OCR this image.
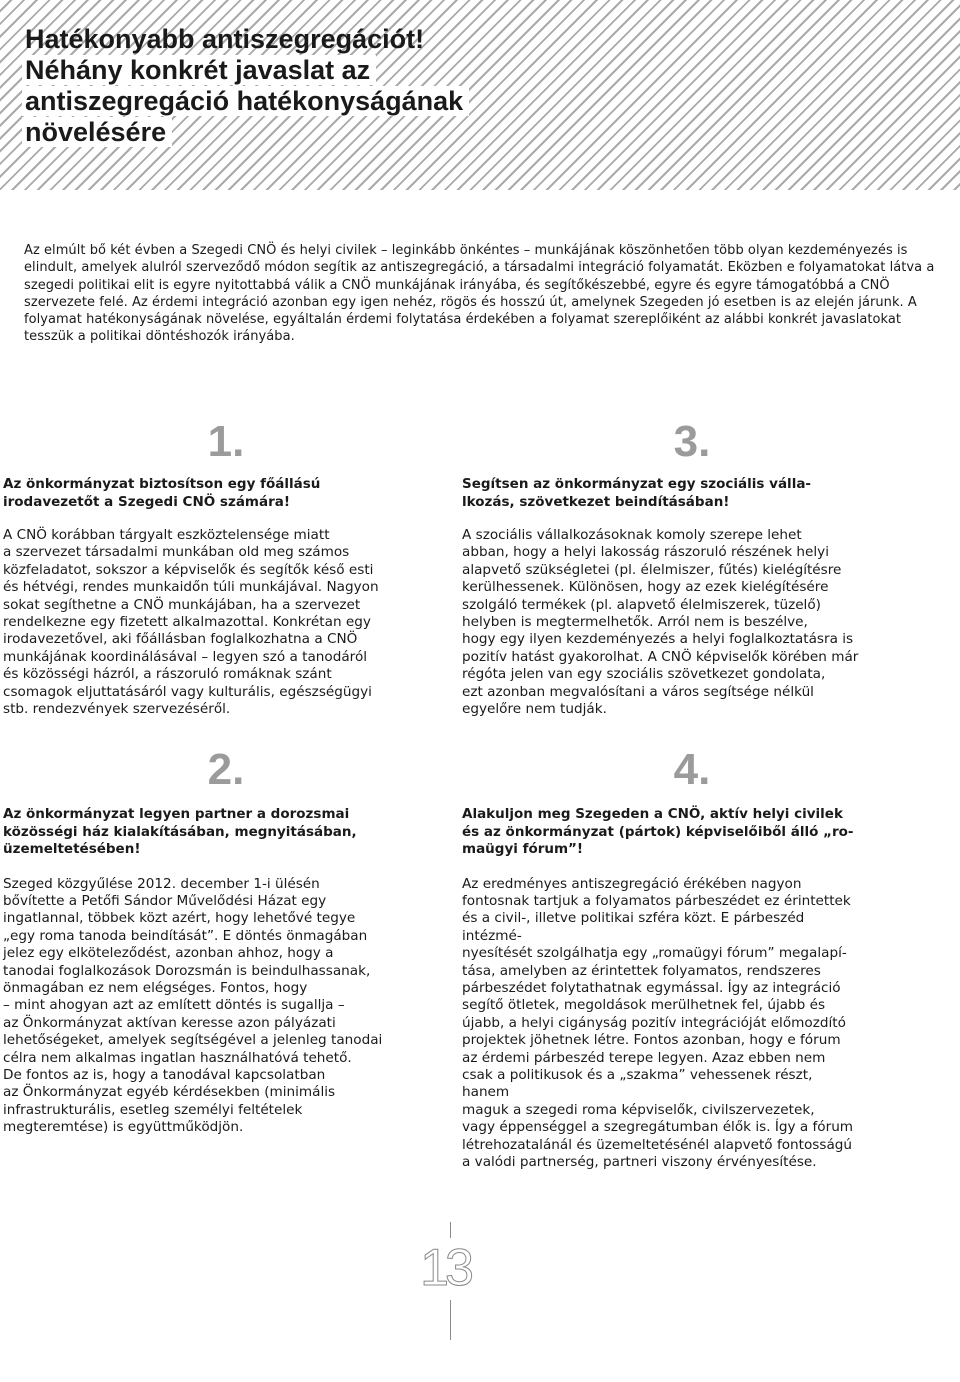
Hatékonyabb antiszegregációt!
Néhány konkrét javaslat az
antiszegregáció hatékonyságának
növelésére

Az elmúlt bő két évben a Szegedi CNÖ és helyi civilek – leginkább önkéntes – munkájának köszönhetően több olyan kezdeményezés is elindult, amelyek alulról szerveződő módon segítik az antiszegregáció, a társadalmi integráció folyamatát. Eközben e folyamatokat látva a szegedi politikai elit is egyre nyitottabbá válik a CNÖ munkájának irányába, és segítőkészebbé, egyre és egyre támogatóbbá a CNÖ szervezete felé. Az érdemi integráció azonban egy igen nehéz, rögös és hosszú út, amelynek Szegeden jó esetben is az elején járunk. A folyamat hatékonyságának növelése, egyáltalán érdemi folytatása érdekében a folyamat szereplőiként az alábbi konkrét javaslatokat tesszük a politikai döntéshozók irányába.

1.

Az önkormányzat biztosítson egy főállású
irodavezetőt a Szegedi CNÖ számára!

A CNÖ korábban tárgyalt eszköztelensége miatt
a szervezet társadalmi munkában old meg számos
közfeladatot, sokszor a képviselők és segítők késő esti
és hétvégi, rendes munkaidőn túli munkájával. Nagyon
sokat segíthetne a CNÖ munkájában, ha a szervezet
rendelkezne egy fizetett alkalmazottal. Konkrétan egy
irodavezetővel, aki főállásban foglalkozhatna a CNÖ
munkájának koordinálásával – legyen szó a tanodáról
és közösségi házról, a rászoruló romáknak szánt
csomagok eljuttatásáról vagy kulturális, egészségügyi
stb. rendezvények szervezéséről.

3.

Segítsen az önkormányzat egy szociális válla-
lkozás, szövetkezet beindításában!

A szociális vállalkozásoknak komoly szerepe lehet
abban, hogy a helyi lakosság rászoruló részének helyi
alapvető szükségletei (pl. élelmiszer, fűtés) kielégítésre
kerülhessenek. Különösen, hogy az ezek kielégítésére
szolgáló termékek (pl. alapvető élelmiszerek, tüzelő)
helyben is megtermelhetők. Arról nem is beszélve,
hogy egy ilyen kezdeményezés a helyi foglalkoztatásra is
pozitív hatást gyakorolhat. A CNÖ képviselők körében már
régóta jelen van egy szociális szövetkezet gondolata,
ezt azonban megvalósítani a város segítsége nélkül
egyelőre nem tudják.

2.

Az önkormányzat legyen partner a dorozsmai
közösségi ház kialakításában, megnyitásában,
üzemeltetésében!

Szeged közgyűlése 2012. december 1-i ülésén
bővítette a Petőfi Sándor Művelődési Házat egy
ingatlannal, többek közt azért, hogy lehetővé tegye
„egy roma tanoda beindítását”. E döntés önmagában
jelez egy elköteleződést, azonban ahhoz, hogy a
tanodai foglalkozások Dorozsmán is beindulhassanak,
önmagában ez nem elégséges. Fontos, hogy
– mint ahogyan azt az említett döntés is sugallja –
az Önkormányzat aktívan keresse azon pályázati
lehetőségeket, amelyek segítségével a jelenleg tanodai
célra nem alkalmas ingatlan használhatóvá tehető.
De fontos az is, hogy a tanodával kapcsolatban
az Önkormányzat egyéb kérdésekben (minimális
infrastrukturális, esetleg személyi feltételek
megteremtése) is együttműködjön.

4.

Alakuljon meg Szegeden a CNÖ, aktív helyi civilek
és az önkormányzat (pártok) képviselőiből álló „ro-
maügyi fórum”!

Az eredményes antiszegregáció érékében nagyon
fontosnak tartjuk a folyamatos párbeszédet ez érintettek
és a civil-, illetve politikai szféra közt. E párbeszéd intézmé-
nyesítését szolgálhatja egy „romaügyi fórum” megalapí-
tása, amelyben az érintettek folyamatos, rendszeres
párbeszédet folytathatnak egymással. Így az integráció
segítő ötletek, megoldások merülhetnek fel, újabb és
újabb, a helyi cigányság pozitív integrációját előmozdító
projektek jöhetnek létre. Fontos azonban, hogy e fórum
az érdemi párbeszéd terepe legyen. Azaz ebben nem
csak a politikusok és a „szakma” vehessenek részt, hanem
maguk a szegedi roma képviselők, civilszervezetek,
vagy éppenséggel a szegregátumban élők is. Így a fórum
létrehozatalánál és üzemeltetésénél alapvető fontosságú
a valódi partnerség, partneri viszony érvényesítése.

13
